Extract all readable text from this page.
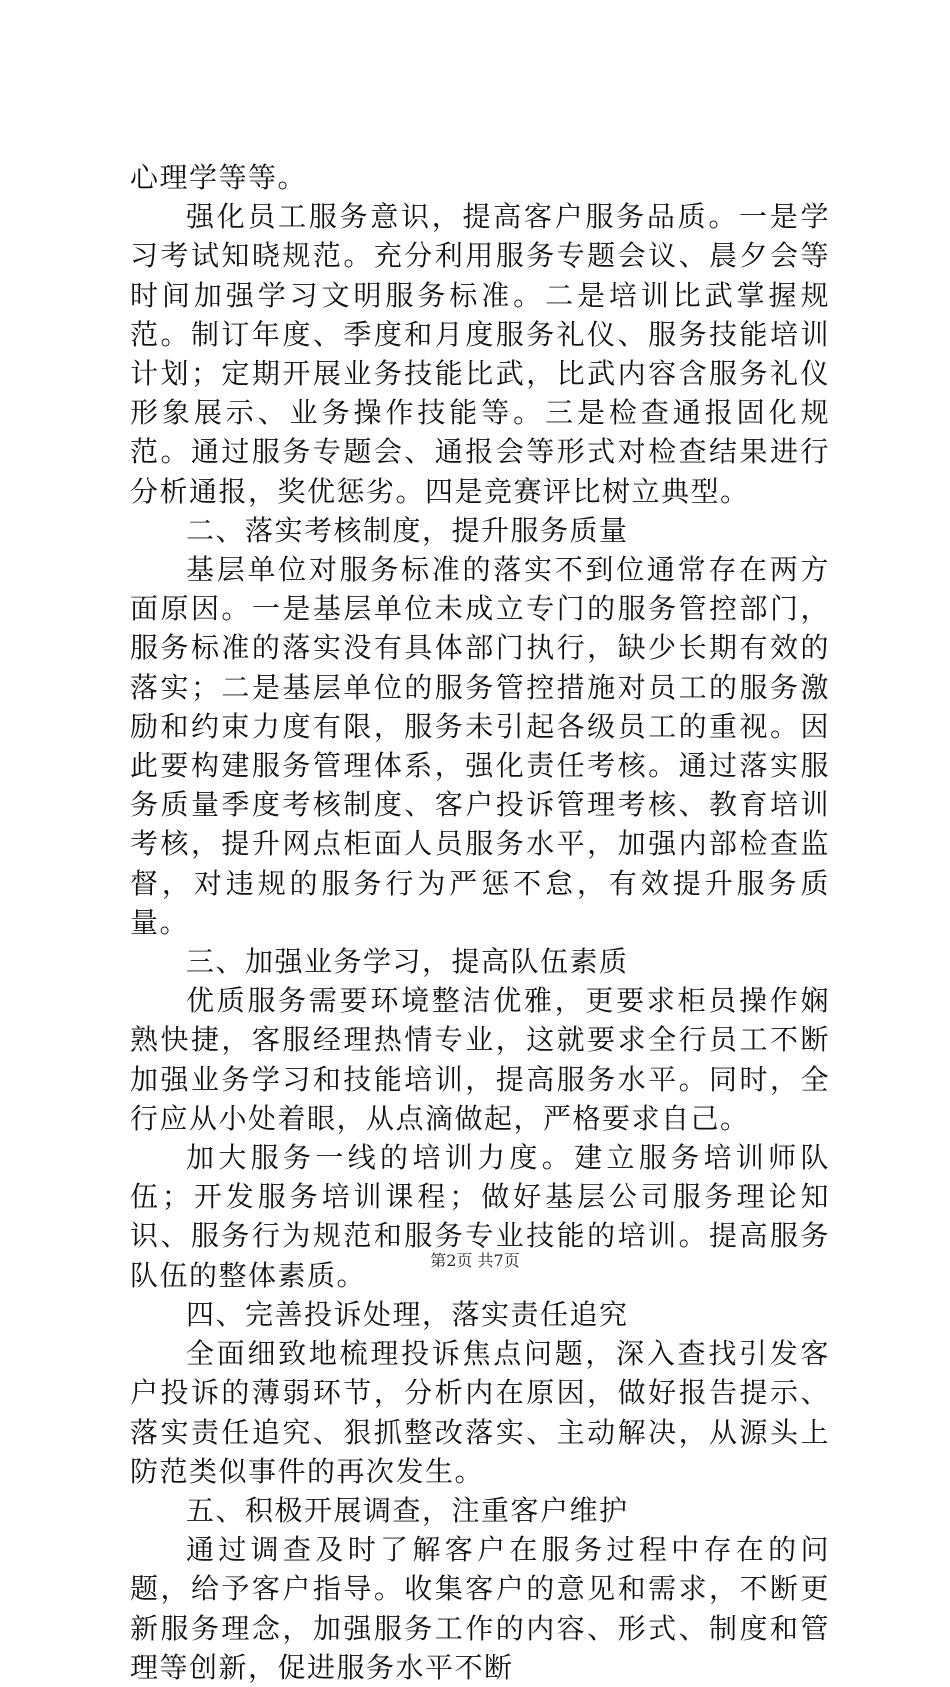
心理学等等。

强化员工服务意识，提高客户服务品质。一是学习考试知晓规范。充分利用服务专题会议、晨夕会等时间加强学习文明服务标准。二是培训比武掌握规范。制订年度、季度和月度服务礼仪、服务技能培训计划；定期开展业务技能比武，比武内容含服务礼仪形象展示、业务操作技能等。三是检查通报固化规范。通过服务专题会、通报会等形式对检查结果进行分析通报，奖优惩劣。四是竞赛评比树立典型。

二、落实考核制度，提升服务质量

基层单位对服务标准的落实不到位通常存在两方面原因。一是基层单位未成立专门的服务管控部门，服务标准的落实没有具体部门执行，缺少长期有效的落实；二是基层单位的服务管控措施对员工的服务激励和约束力度有限，服务未引起各级员工的重视。因此要构建服务管理体系，强化责任考核。通过落实服务质量季度考核制度、客户投诉管理考核、教育培训考核，提升网点柜面人员服务水平，加强内部检查监督，对违规的服务行为严惩不怠，有效提升服务质量。

三、加强业务学习，提高队伍素质

优质服务需要环境整洁优雅，更要求柜员操作娴熟快捷，客服经理热情专业，这就要求全行员工不断加强业务学习和技能培训，提高服务水平。同时，全行应从小处着眼，从点滴做起，严格要求自己。

加大服务一线的培训力度。建立服务培训师队伍；开发服务培训课程；做好基层公司服务理论知识、服务行为规范和服务专业技能的培训。提高服务队伍的整体素质。

四、完善投诉处理，落实责任追究

全面细致地梳理投诉焦点问题，深入查找引发客户投诉的薄弱环节，分析内在原因，做好报告提示、落实责任追究、狠抓整改落实、主动解决，从源头上防范类似事件的再次发生。

五、积极开展调查，注重客户维护

通过调查及时了解客户在服务过程中存在的问题，给予客户指导。收集客户的意见和需求，不断更新服务理念，加强服务工作的内容、形式、制度和管理等创新，促进服务水平不断

第2页 共7页
